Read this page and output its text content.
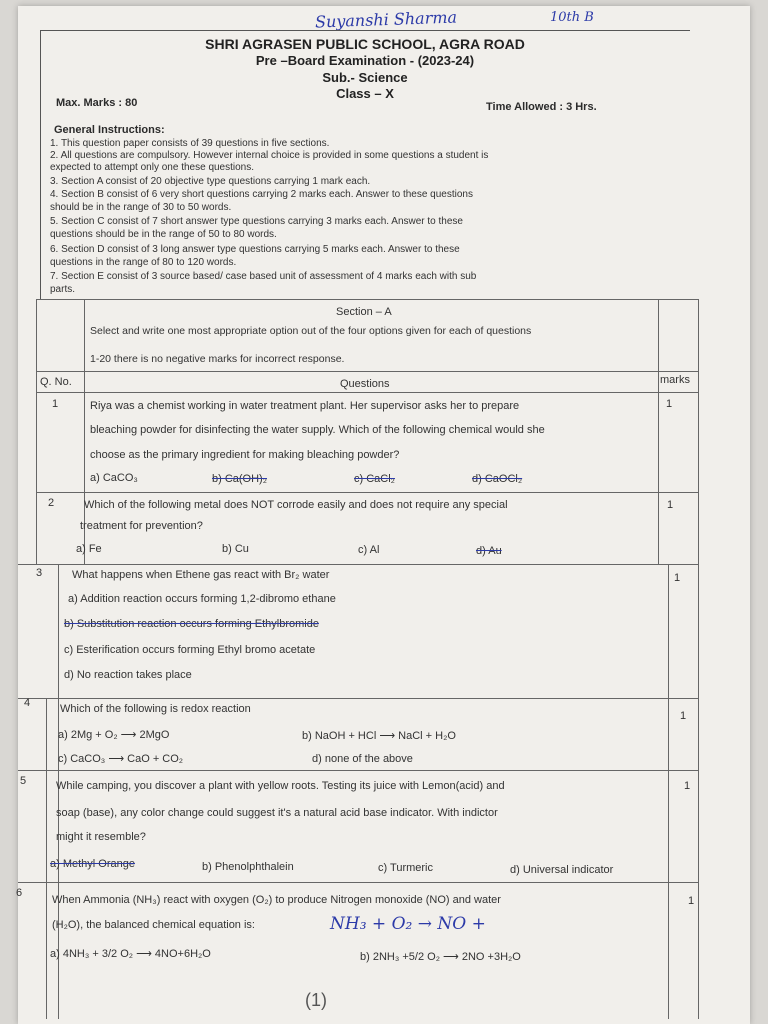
Suyanshi Sharma	10th B
SHRI AGRASEN PUBLIC SCHOOL, AGRA ROAD
Pre –Board Examination - (2023-24)
Sub.- Science
Class – X
Max. Marks : 80	Time Allowed : 3 Hrs.
General Instructions:

1. This question paper consists of 39 questions in five sections.

2. All questions are compulsory. However internal choice is provided in some questions a student is

expected to attempt only one these questions.

3. Section A consist of 20 objective type questions carrying 1 mark each.

4. Section B consist of 6 very short questions carrying 2 marks each. Answer to these questions

should be in the range of 30 to 50 words.

5. Section C consist of 7 short answer type questions carrying 3 marks each. Answer to these

questions should be in the range of 50 to 80 words.

6. Section D consist of 3 long answer type questions carrying 5 marks each. Answer to these

questions in the range of 80 to 120 words.

7. Section E consist of 3 source based/ case based unit of assessment of 4 marks each with sub

parts.

Section – A
Select and write one most appropriate option out of the four options given for each of questions
1-20 there is no negative marks for incorrect response.
Q. No.	Questions	marks
1	Riya was a chemist working in water treatment plant. Her supervisor asks her to prepare
bleaching powder for disinfecting the water supply. Which of the following chemical would she
choose as the primary ingredient for making bleaching powder?
a) CaCO₃	b) Ca(OH)₂	c) CaCl₂	d) CaOCl₂
1
2	Which of the following metal does NOT corrode easily and does not require any special
treatment for prevention?
a) Fe	b) Cu	c) Al	d) Au
1
3	What happens when Ethene gas react with Br₂ water
a) Addition reaction occurs forming 1,2-dibromo ethane
b) Substitution reaction occurs forming Ethylbromide
c) Esterification occurs forming Ethyl bromo acetate
d) No reaction takes place
1
4	Which of the following is redox reaction
a) 2Mg + O₂ ⟶ 2MgO	b) NaOH + HCl ⟶ NaCl + H₂O
c) CaCO₃ ⟶ CaO + CO₂	d) none of the above
1
5	While camping, you discover a plant with yellow roots. Testing its juice with Lemon(acid) and
soap (base), any color change could suggest it's a natural acid base indicator. With indictor
might it resemble?
a) Methyl Orange	b) Phenolphthalein	c) Turmeric	d) Universal indicator
1
6
When Ammonia (NH₃) react with oxygen (O₂) to produce Nitrogen monoxide (NO) and water
(H₂O), the balanced chemical equation is:	NH₃ + O₂ → NO +
a) 4NH₃ + 3/2 O₂ ⟶ 4NO+6H₂O	b) 2NH₃ +5/2 O₂ ⟶ 2NO +3H₂O
1
(1)
